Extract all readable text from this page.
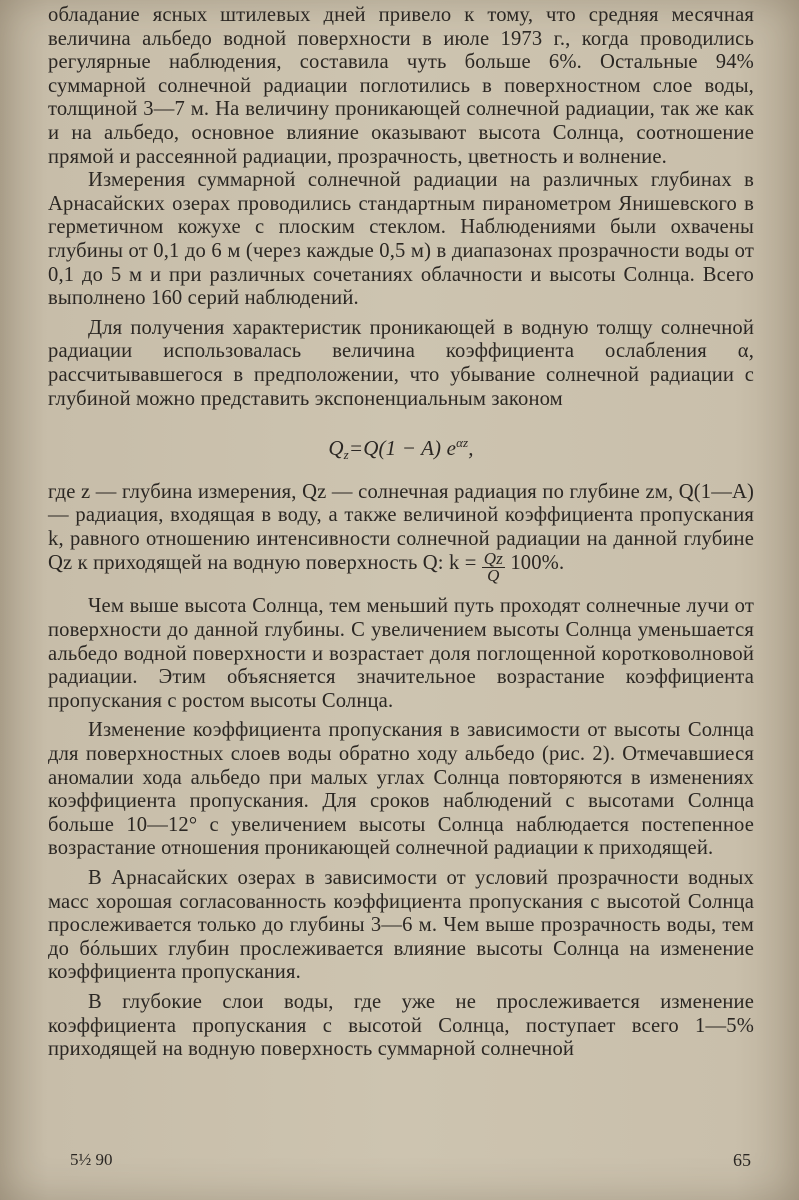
обладание ясных штилевых дней привело к тому, что средняя месячная величина альбедо водной поверхности в июле 1973 г., когда проводились регулярные наблюдения, составила чуть больше 6%. Остальные 94% суммарной солнечной радиации поглотились в поверхностном слое воды, толщиной 3—7 м. На величину проникающей солнечной радиации, так же как и на альбедо, основное влияние оказывают высота Солнца, соотношение прямой и рассеянной радиации, прозрачность, цветность и волнение.

Измерения суммарной солнечной радиации на различных глубинах в Арнасайских озерах проводились стандартным пиранометром Янишевского в герметичном кожухе с плоским стеклом. Наблюдениями были охвачены глубины от 0,1 до 6 м (через каждые 0,5 м) в диапазонах прозрачности воды от 0,1 до 5 м и при различных сочетаниях облачности и высоты Солнца. Всего выполнено 160 серий наблюдений.

Для получения характеристик проникающей в водную толщу солнечной радиации использовалась величина коэффициента ослабления α, рассчитывавшегося в предположении, что убывание солнечной радиации с глубиной можно представить экспоненциальным законом

$Q_z=Q(1 - A)$ $e^{\alpha z}$,

где z — глубина измерения, Qz — солнечная радиация по глубине zм, Q(1—A) — радиация, входящая в воду, а также величиной коэффициента пропускания k, равного отношению интенсивности солнечной радиации на данной глубине Qz к приходящей на водную поверхность Q: $k = \frac{Qz}{Q} 100\%$.

Чем выше высота Солнца, тем меньший путь проходят солнечные лучи от поверхности до данной глубины. С увеличением высоты Солнца уменьшается альбедо водной поверхности и возрастает доля поглощенной коротковолновой радиации. Этим объясняется значительное возрастание коэффициента пропускания с ростом высоты Солнца.

Изменение коэффициента пропускания в зависимости от высоты Солнца для поверхностных слоев воды обратно ходу альбедо (рис. 2). Отмечавшиеся аномалии хода альбедо при малых углах Солнца повторяются в изменениях коэффициента пропускания. Для сроков наблюдений с высотами Солнца больше 10—12° с увеличением высоты Солнца наблюдается постепенное возрастание отношения проникающей солнечной радиации к приходящей.

В Арнасайских озерах в зависимости от условий прозрачности водных масс хорошая согласованность коэффициента пропускания с высотой Солнца прослеживается только до глубины 3—6 м. Чем выше прозрачность воды, тем до бóльших глубин прослеживается влияние высоты Солнца на изменение коэффициента пропускания.

В глубокие слои воды, где уже не прослеживается изменение коэффициента пропускания с высотой Солнца, поступает всего 1—5% приходящей на водную поверхность суммарной солнечной

5½ 90	65
